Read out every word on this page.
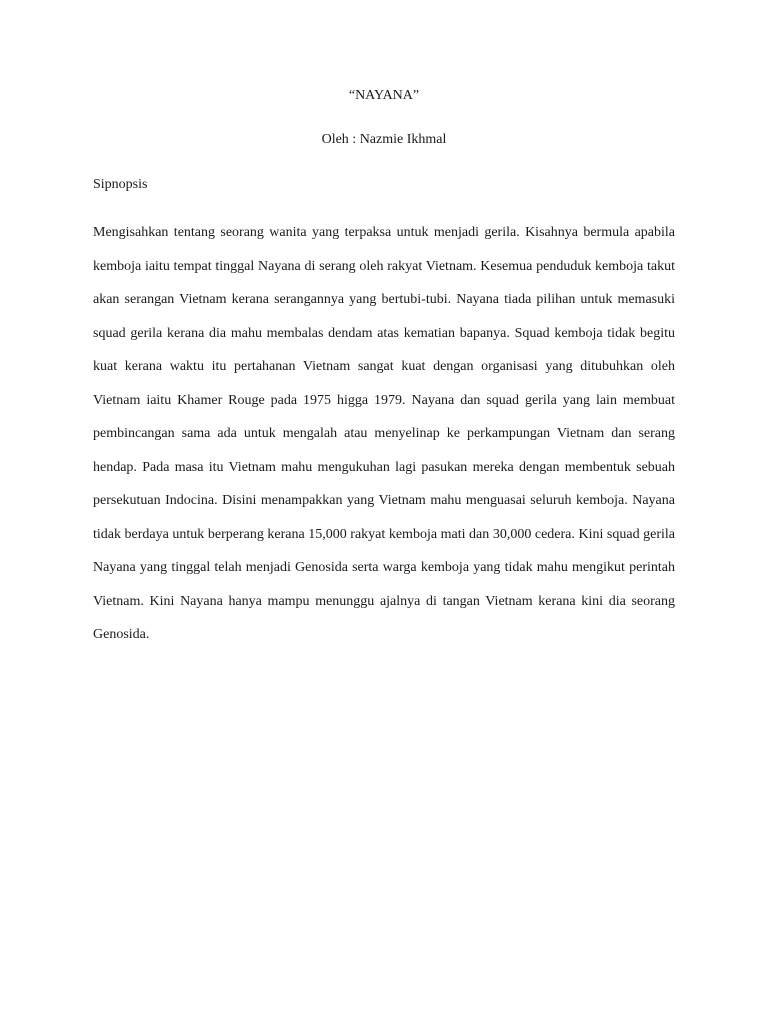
“NAYANA”
Oleh : Nazmie Ikhmal
Sipnopsis

Mengisahkan tentang seorang wanita yang terpaksa untuk menjadi gerila. Kisahnya bermula apabila kemboja iaitu tempat tinggal Nayana di serang oleh rakyat Vietnam. Kesemua penduduk kemboja takut akan serangan Vietnam kerana serangannya yang bertubi-tubi. Nayana tiada pilihan untuk memasuki squad gerila kerana dia mahu membalas dendam atas kematian bapanya. Squad kemboja tidak begitu kuat kerana waktu itu pertahanan Vietnam sangat kuat dengan organisasi yang ditubuhkan oleh Vietnam iaitu Khamer Rouge pada 1975 higga 1979. Nayana dan squad gerila yang lain membuat pembincangan sama ada untuk mengalah atau menyelinap ke perkampungan Vietnam dan serang hendap. Pada masa itu Vietnam mahu mengukuhan lagi pasukan mereka dengan membentuk sebuah persekutuan Indocina. Disini menampakkan yang Vietnam mahu menguasai seluruh kemboja. Nayana tidak berdaya untuk berperang kerana 15,000 rakyat kemboja mati dan 30,000 cedera. Kini squad gerila Nayana yang tinggal telah menjadi Genosida serta warga kemboja yang tidak mahu mengikut perintah Vietnam. Kini Nayana hanya mampu menunggu ajalnya di tangan Vietnam kerana kini dia seorang Genosida.
